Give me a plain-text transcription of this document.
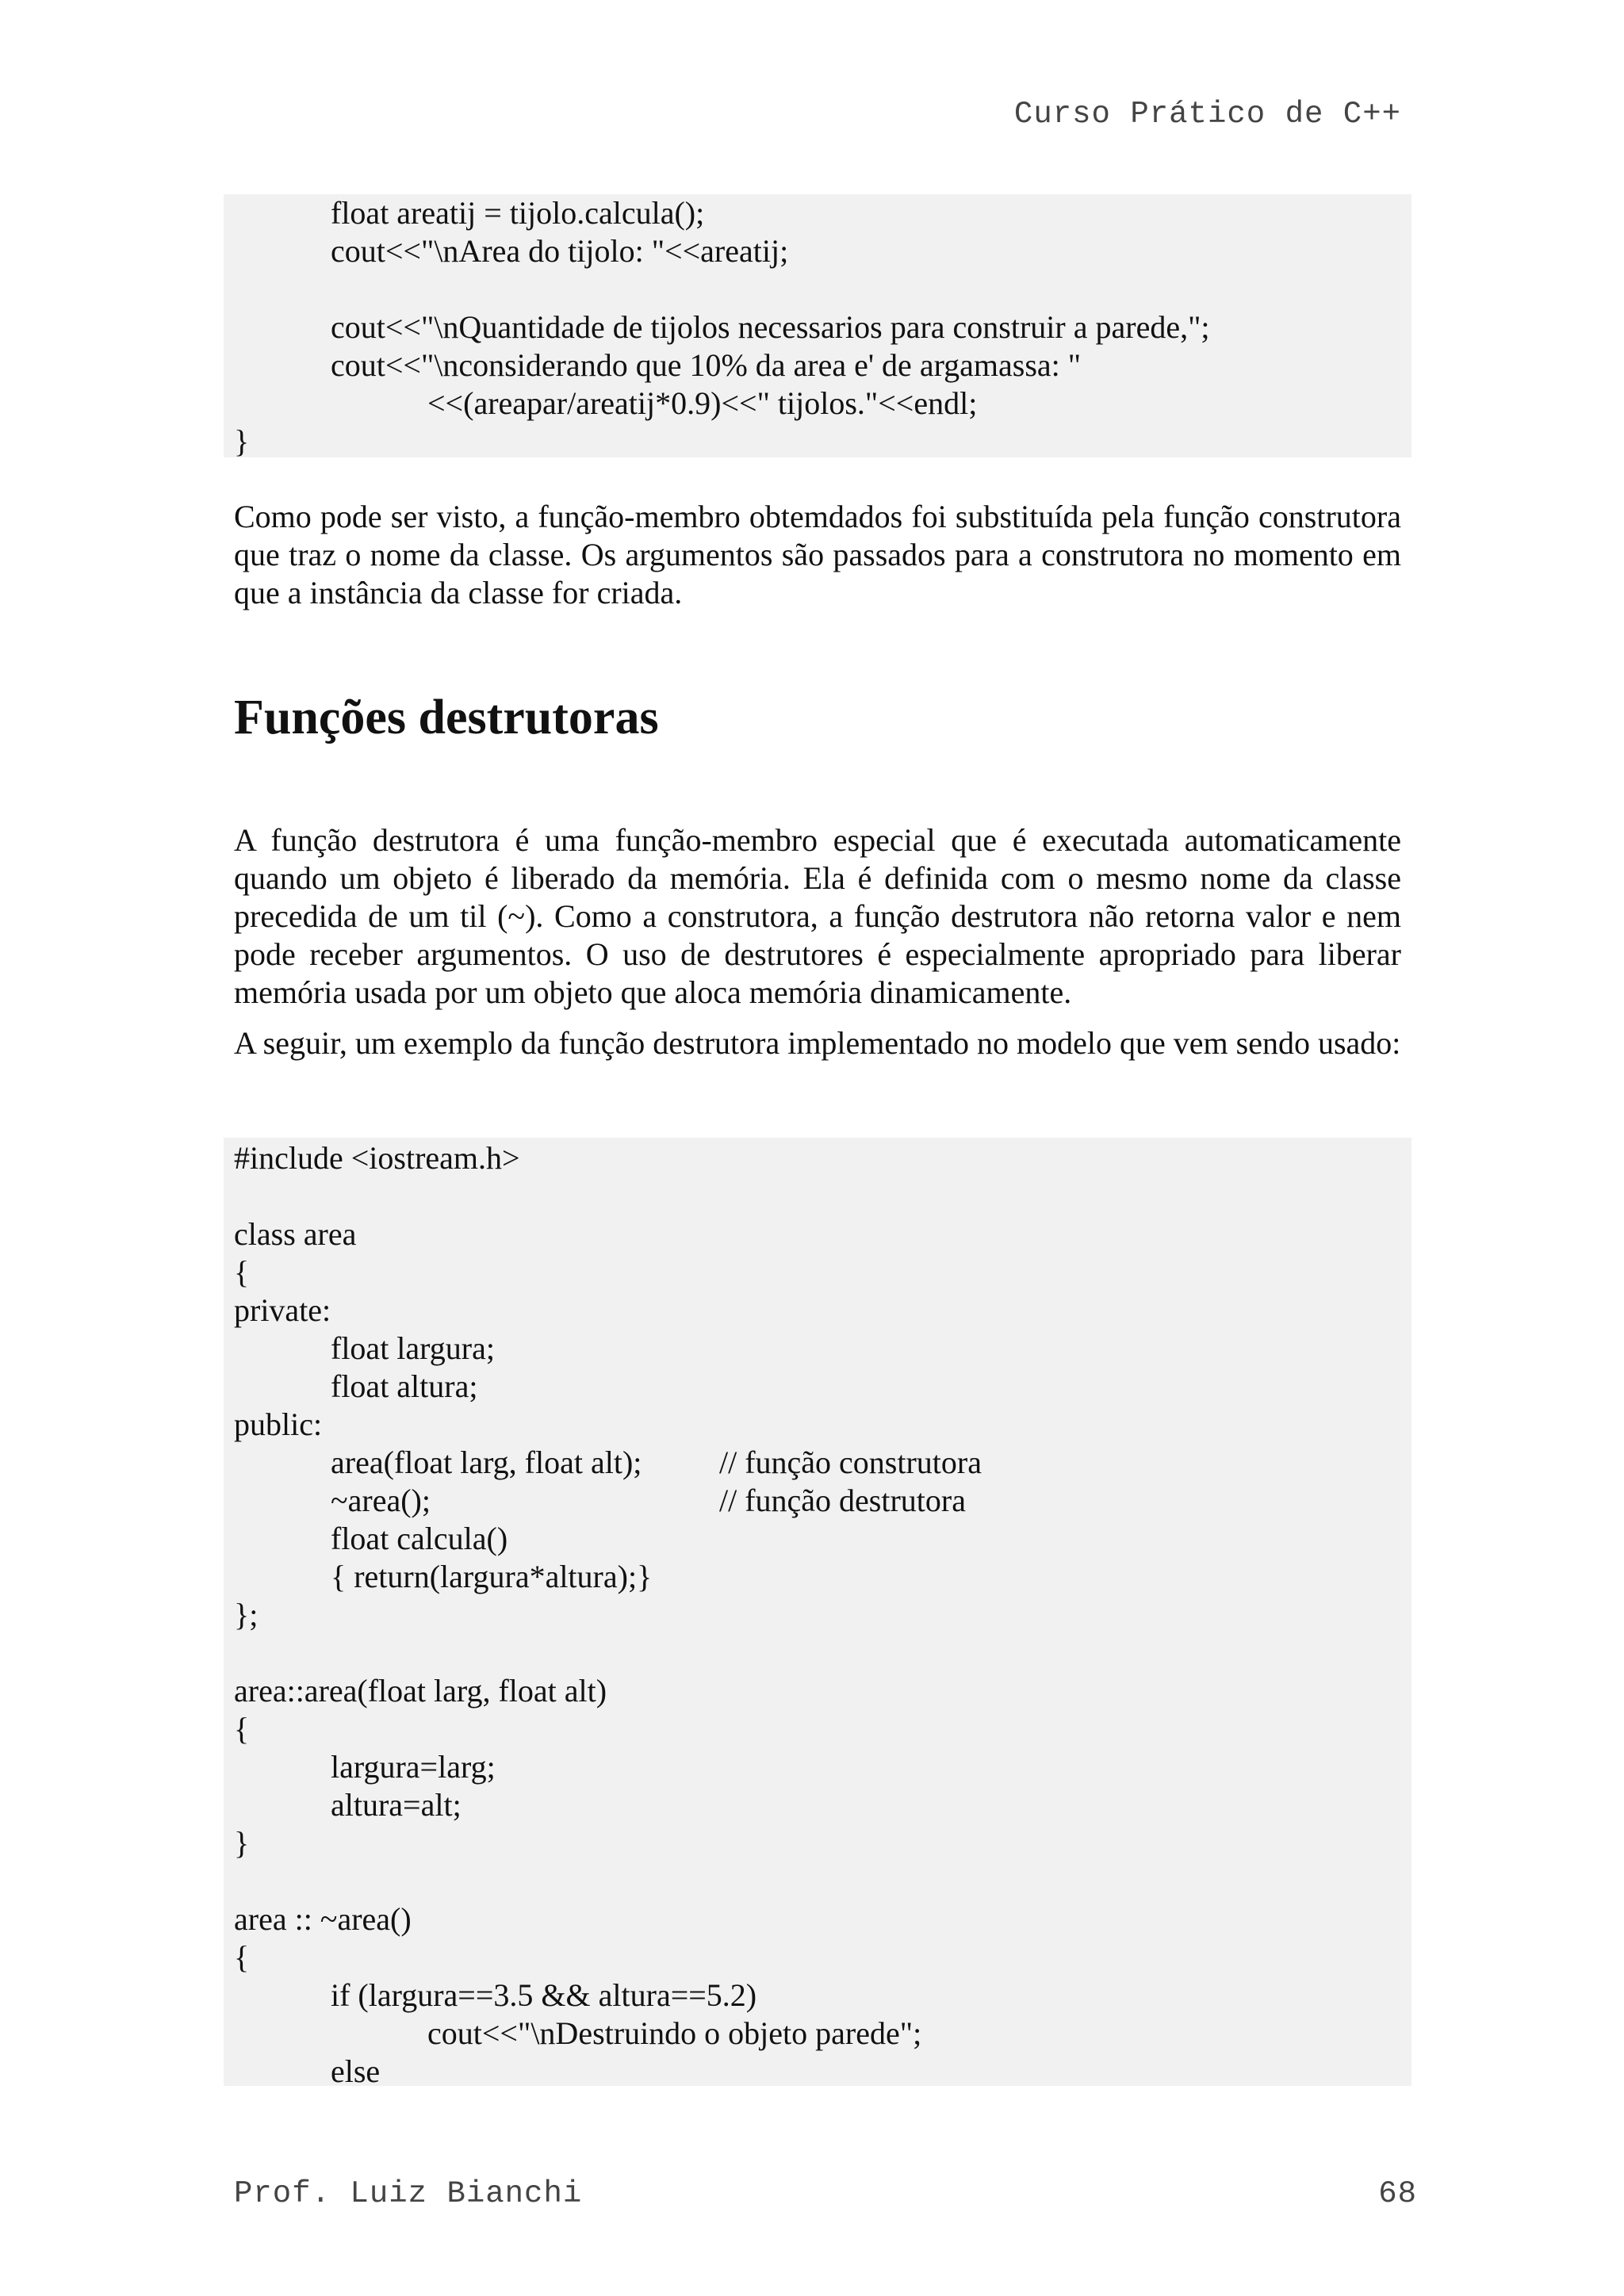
Curso Prático de C++
float areatij = tijolo.calcula();
cout<<"\nArea do tijolo: "<<areatij;
cout<<"\nQuantidade de tijolos necessarios para construir a parede,";
cout<<"\nconsiderando que 10% da area e' de argamassa: "
<<(areapar/areatij*0.9)<<" tijolos."<<endl;
}

Como pode ser visto, a função-membro obtemdados foi substituída pela função construtora que traz o nome da classe. Os argumentos são passados para a construtora no momento em que a instância da classe for criada.

Funções destrutoras

A função destrutora é uma função-membro especial que é executada automaticamente quando um objeto é liberado da memória. Ela é definida com o mesmo nome da classe precedida de um til (~). Como a construtora, a função destrutora não retorna valor e nem pode receber argumentos. O uso de destrutores é especialmente apropriado para liberar memória usada por um objeto que aloca memória dinamicamente.

A seguir, um exemplo da função destrutora implementado no modelo que vem sendo usado:

#include <iostream.h>
class area
{
private:
float largura;
float altura;
public:
area(float larg, float alt); // função construtora
~area();	// função destrutora
float calcula()
{ return(largura*altura);}
};
area::area(float larg, float alt)
{
largura=larg;
altura=alt;
}
area :: ~area()
{
if (largura==3.5 && altura==5.2)
cout<<"\nDestruindo o objeto parede";
else
Prof. Luiz Bianchi	68
